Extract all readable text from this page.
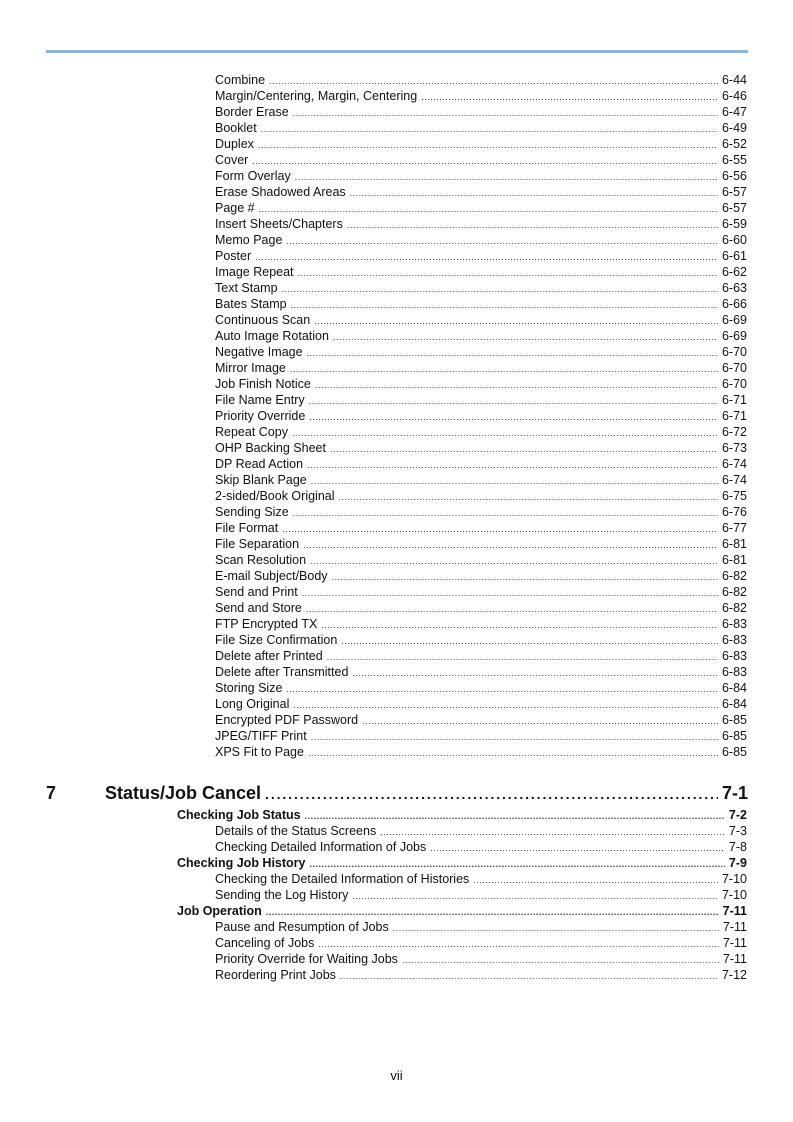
Combine . . .	6-44
Margin/Centering, Margin, Centering . . .	6-46
Border Erase . . .	6-47
Booklet . . .	6-49
Duplex . . .	6-52
Cover . . .	6-55
Form Overlay . . .	6-56
Erase Shadowed Areas . . .	6-57
Page # . . .	6-57
Insert Sheets/Chapters . . .	6-59
Memo Page . . .	6-60
Poster . . .	6-61
Image Repeat . . .	6-62
Text Stamp . . .	6-63
Bates Stamp . . .	6-66
Continuous Scan . . .	6-69
Auto Image Rotation . . .	6-69
Negative Image . . .	6-70
Mirror Image . . .	6-70
Job Finish Notice . . .	6-70
File Name Entry . . .	6-71
Priority Override . . .	6-71
Repeat Copy . . .	6-72
OHP Backing Sheet . . .	6-73
DP Read Action . . .	6-74
Skip Blank Page . . .	6-74
2-sided/Book Original . . .	6-75
Sending Size . . .	6-76
File Format . . .	6-77
File Separation . . .	6-81
Scan Resolution . . .	6-81
E-mail Subject/Body . . .	6-82
Send and Print . . .	6-82
Send and Store . . .	6-82
FTP Encrypted TX . . .	6-83
File Size Confirmation . . .	6-83
Delete after Printed . . .	6-83
Delete after Transmitted . . .	6-83
Storing Size . . .	6-84
Long Original . . .	6-84
Encrypted PDF Password . . .	6-85
JPEG/TIFF Print . . .	6-85
XPS Fit to Page . . .	6-85
7	Status/Job Cancel . . .	7-1
Checking Job Status . . .	7-2
Details of the Status Screens . . .	7-3
Checking Detailed Information of Jobs . . .	7-8
Checking Job History . . .	7-9
Checking the Detailed Information of Histories . . .	7-10
Sending the Log History . . .	7-10
Job Operation . . .	7-11
Pause and Resumption of Jobs . . .	7-11
Canceling of Jobs . . .	7-11
Priority Override for Waiting Jobs . . .	7-11
Reordering Print Jobs . . .	7-12
vii
